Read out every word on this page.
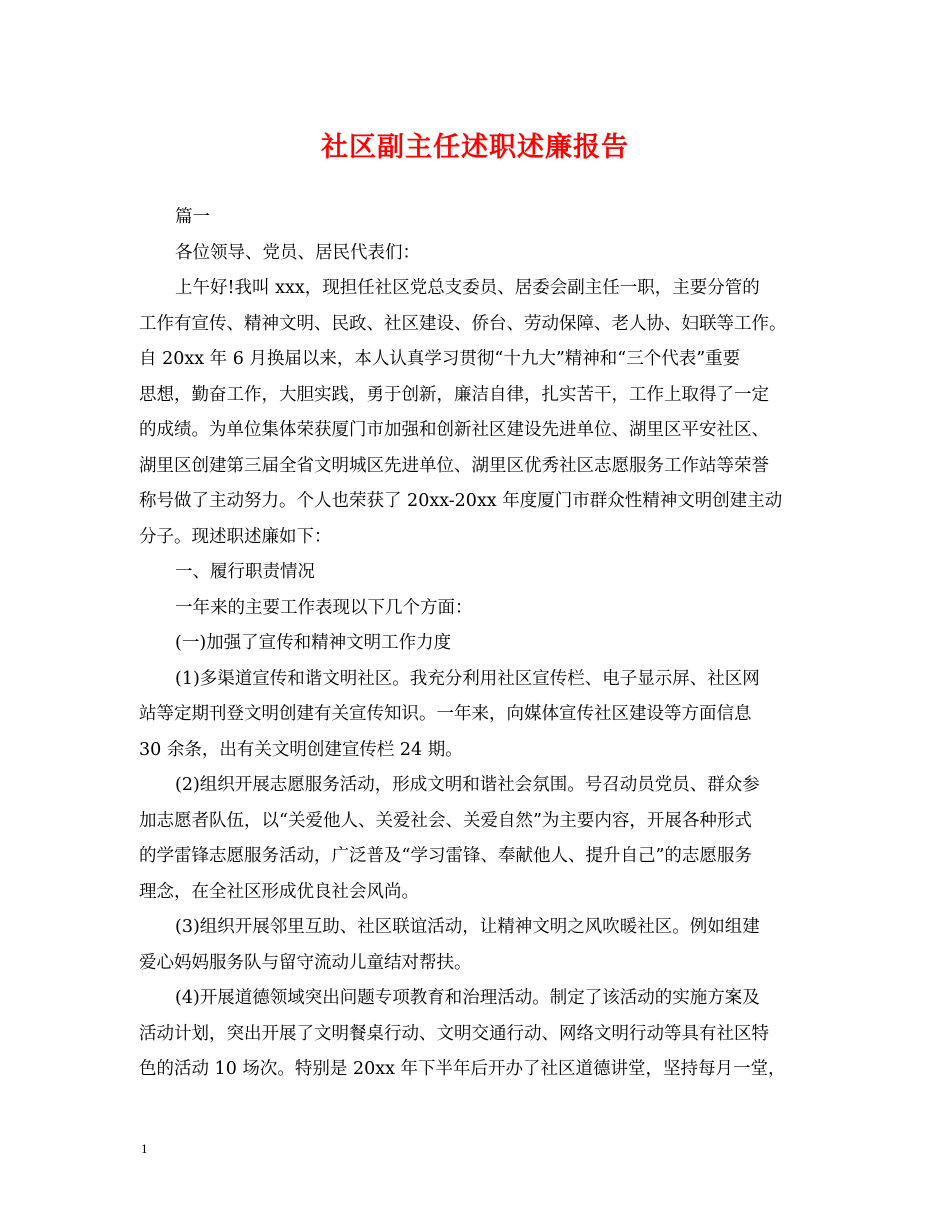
社区副主任述职述廉报告
篇一
各位领导、党员、居民代表们：
上午好!我叫 xxx，现担任社区党总支委员、居委会副主任一职，主要分管的
工作有宣传、精神文明、民政、社区建设、侨台、劳动保障、老人协、妇联等工作。
自 20xx 年 6 月换届以来，本人认真学习贯彻“十九大”精神和“三个代表”重要
思想，勤奋工作，大胆实践，勇于创新，廉洁自律，扎实苦干，工作上取得了一定
的成绩。为单位集体荣获厦门市加强和创新社区建设先进单位、湖里区平安社区、
湖里区创建第三届全省文明城区先进单位、湖里区优秀社区志愿服务工作站等荣誉
称号做了主动努力。个人也荣获了 20xx-20xx 年度厦门市群众性精神文明创建主动
分子。现述职述廉如下：
一、履行职责情况
一年来的主要工作表现以下几个方面：
(一)加强了宣传和精神文明工作力度
(1)多渠道宣传和谐文明社区。我充分利用社区宣传栏、电子显示屏、社区网
站等定期刊登文明创建有关宣传知识。一年来，向媒体宣传社区建设等方面信息
30 余条，出有关文明创建宣传栏 24 期。
(2)组织开展志愿服务活动，形成文明和谐社会氛围。号召动员党员、群众参
加志愿者队伍，以“关爱他人、关爱社会、关爱自然”为主要内容，开展各种形式
的学雷锋志愿服务活动，广泛普及“学习雷锋、奉献他人、提升自己”的志愿服务
理念，在全社区形成优良社会风尚。
(3)组织开展邻里互助、社区联谊活动，让精神文明之风吹暖社区。例如组建
爱心妈妈服务队与留守流动儿童结对帮扶。
(4)开展道德领域突出问题专项教育和治理活动。制定了该活动的实施方案及
活动计划，突出开展了文明餐桌行动、文明交通行动、网络文明行动等具有社区特
色的活动 10 场次。特别是 20xx 年下半年后开办了社区道德讲堂，坚持每月一堂，
1
